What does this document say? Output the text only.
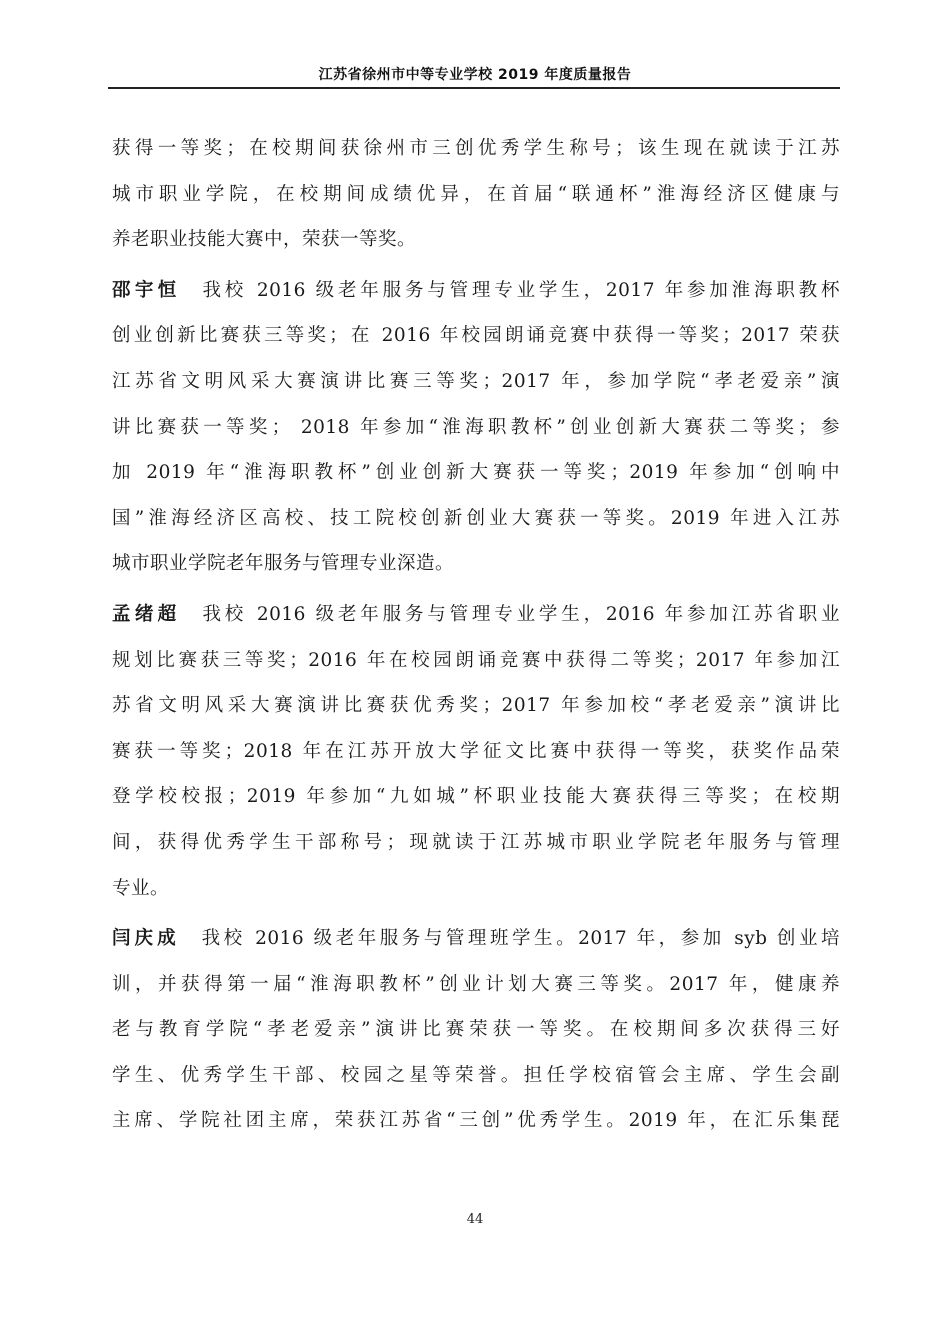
江苏省徐州市中等专业学校 2019 年度质量报告
获得一等奖；在校期间获徐州市三创优秀学生称号；该生现在就读于江苏
城市职业学院，在校期间成绩优异，在首届“联通杯”淮海经济区健康与
养老职业技能大赛中，荣获一等奖。
邵宇恒 我校 2016 级老年服务与管理专业学生，2017 年参加淮海职教杯
创业创新比赛获三等奖；在 2016 年校园朗诵竞赛中获得一等奖；2017 荣获
江苏省文明风采大赛演讲比赛三等奖；2017 年，参加学院“孝老爱亲”演
讲比赛获一等奖； 2018 年参加“淮海职教杯”创业创新大赛获二等奖；参
加 2019 年“淮海职教杯”创业创新大赛获一等奖；2019 年参加“创响中
国”淮海经济区高校、技工院校创新创业大赛获一等奖。2019 年进入江苏
城市职业学院老年服务与管理专业深造。
孟绪超 我校 2016 级老年服务与管理专业学生，2016 年参加江苏省职业
规划比赛获三等奖；2016 年在校园朗诵竞赛中获得二等奖；2017 年参加江
苏省文明风采大赛演讲比赛获优秀奖；2017 年参加校“孝老爱亲”演讲比
赛获一等奖；2018 年在江苏开放大学征文比赛中获得一等奖，获奖作品荣
登学校校报；2019 年参加“九如城”杯职业技能大赛获得三等奖；在校期
间，获得优秀学生干部称号；现就读于江苏城市职业学院老年服务与管理
专业。
闫庆成 我校 2016 级老年服务与管理班学生。2017 年，参加 syb 创业培
训，并获得第一届“淮海职教杯”创业计划大赛三等奖。2017 年，健康养
老与教育学院“孝老爱亲”演讲比赛荣获一等奖。在校期间多次获得三好
学生、优秀学生干部、校园之星等荣誉。担任学校宿管会主席、学生会副
主席、学院社团主席，荣获江苏省“三创”优秀学生。2019 年，在汇乐集琵
44
